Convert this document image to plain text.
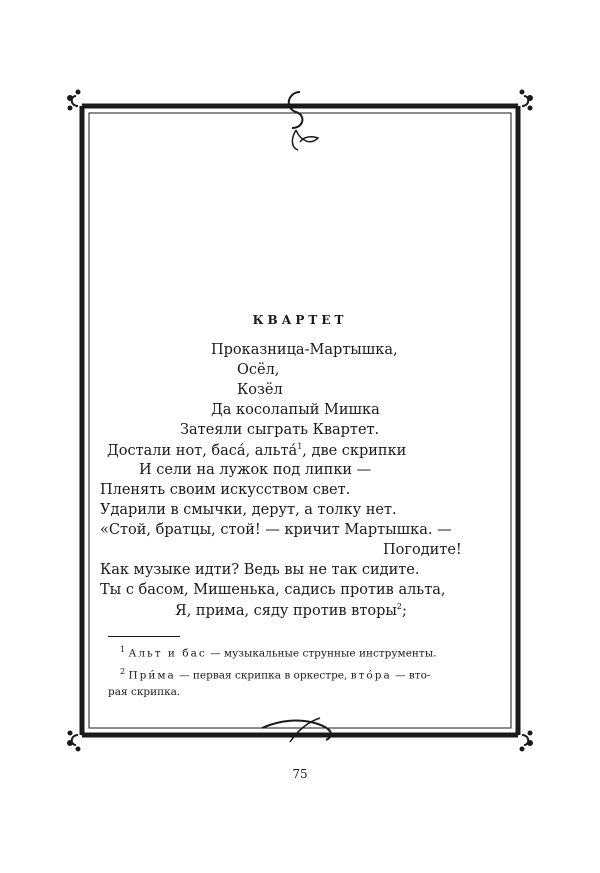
КВАРТЕТ
Проказница-Мартышка,
Осёл,
Козёл
Да косолапый Мишка
Затеяли сыграть Квартет.
Достали нот, баса́, альта́$^1$, две скрипки
И сели на лужок под липки —
Пленять своим искусством свет.
Ударили в смычки, дерут, а толку нет.
«Стой, братцы, стой! — кричит Мартышка. —
Погодите!
Как музыке идти? Ведь вы не так сидите.
Ты с басом, Мишенька, садись против альта,
Я, прима, сяду против вторы$^2$;
$^1$ Альт и бас — музыкальные струнные инструменты.
$^2$ При́ма — первая скрипка в оркестре, вто́ра — вто-
рая скрипка.
75
